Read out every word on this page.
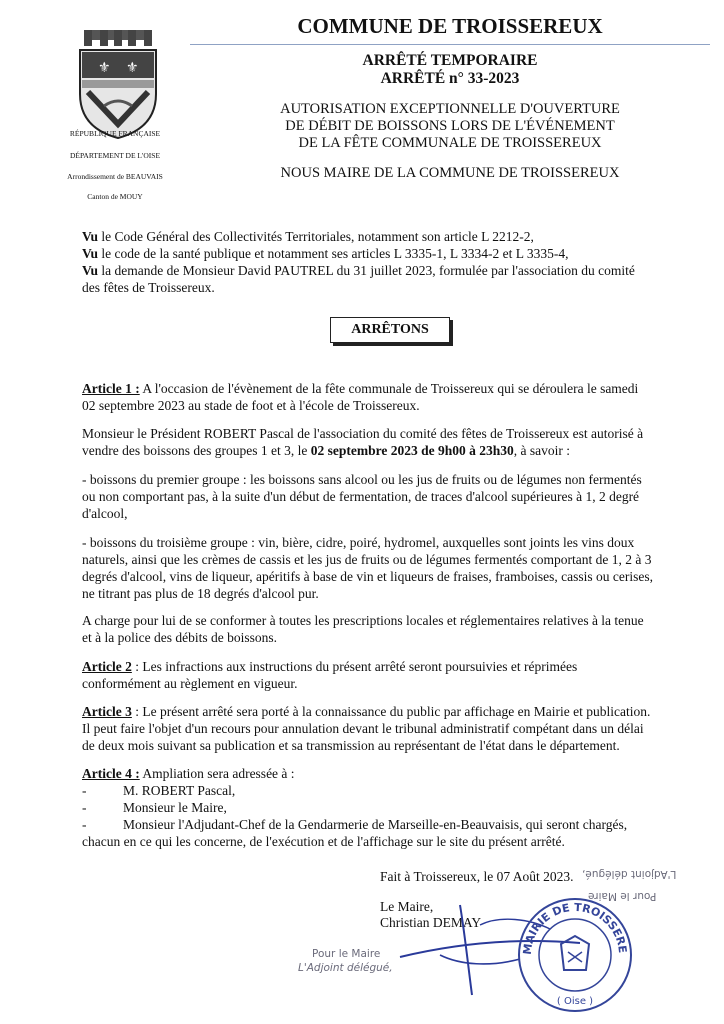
⚜ ⚜
RÉPUBLIQUE FRANÇAISE
DÉPARTEMENT DE L'OISE
Arrondissement de BEAUVAIS
Canton de MOUY
COMMUNE DE TROISSEREUX
ARRÊTÉ TEMPORAIRE
ARRÊTÉ n° 33-2023
AUTORISATION EXCEPTIONNELLE D'OUVERTURE
DE DÉBIT DE BOISSONS LORS DE L'ÉVÉNEMENT
DE LA FÊTE COMMUNALE DE TROISSEREUX
NOUS MAIRE DE LA COMMUNE DE TROISSEREUX
Vu le Code Général des Collectivités Territoriales, notamment son article L 2212-2,
Vu le code de la santé publique et notamment ses articles L 3335-1, L 3334-2 et L 3335-4,
Vu la demande de Monsieur David PAUTREL du 31 juillet 2023, formulée par l'association du comité
des fêtes de Troissereux.
ARRÊTONS
Article 1 : A l'occasion de l'évènement de la fête communale de Troissereux qui se déroulera le samedi
02 septembre 2023 au stade de foot et à l'école de Troissereux.
Monsieur le Président ROBERT Pascal de l'association du comité des fêtes de Troissereux est autorisé à
vendre des boissons des groupes 1 et 3, le 02 septembre 2023 de 9h00 à 23h30, à savoir :
- boissons du premier groupe : les boissons sans alcool ou les jus de fruits ou de légumes non fermentés
ou non comportant pas, à la suite d'un début de fermentation, de traces d'alcool supérieures à 1, 2 degré
d'alcool,
- boissons du troisième groupe : vin, bière, cidre, poiré, hydromel, auxquelles sont joints les vins doux
naturels, ainsi que les crèmes de cassis et les jus de fruits ou de légumes fermentés comportant de 1, 2 à 3
degrés d'alcool, vins de liqueur, apéritifs à base de vin et liqueurs de fraises, framboises, cassis ou cerises,
ne titrant pas plus de 18 degrés d'alcool pur.
A charge pour lui de se conformer à toutes les prescriptions locales et réglementaires relatives à la tenue
et à la police des débits de boissons.
Article 2 : Les infractions aux instructions du présent arrêté seront poursuivies et réprimées
conformément au règlement en vigueur.
Article 3 : Le présent arrêté sera porté à la connaissance du public par affichage en Mairie et publication.
Il peut faire l'objet d'un recours pour annulation devant le tribunal administratif compétant dans un délai
de deux mois suivant sa publication et sa transmission au représentant de l'état dans le département.
Article 4 : Ampliation sera adressée à :
-	M. ROBERT Pascal,
-	Monsieur le Maire,
-	Monsieur l'Adjudant-Chef de la Gendarmerie de Marseille-en-Beauvaisis, qui seront chargés,
chacun en ce qui les concerne, de l'exécution et de l'affichage sur le site du présent arrêté.
Fait à Troissereux, le 07 Août 2023.
Le Maire,
Christian DEMAY
Pour le Maire
L'Adjoint délégué,
L'Adjoint délégué,
Pour le Maire
MAIRIE DE TROISSERE
( Oise )
